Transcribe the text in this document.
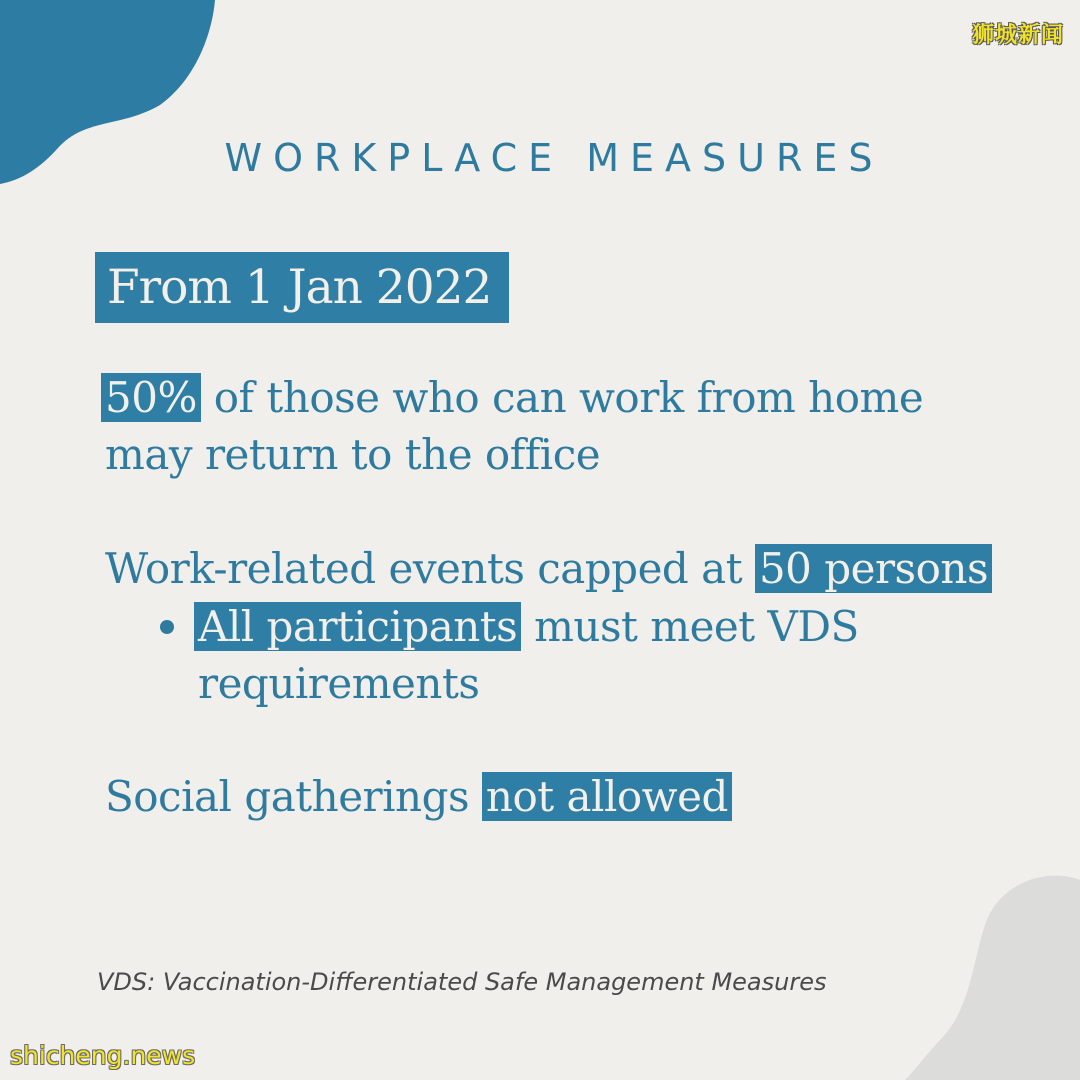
狮城新闻
WORKPLACE MEASURES
From 1 Jan 2022
50% of those who can work from home
may return to the office
Work-related events capped at 50 persons
All participants must meet VDS
requirements
Social gatherings not allowed
VDS: Vaccination-Differentiated Safe Management Measures
shicheng.news
